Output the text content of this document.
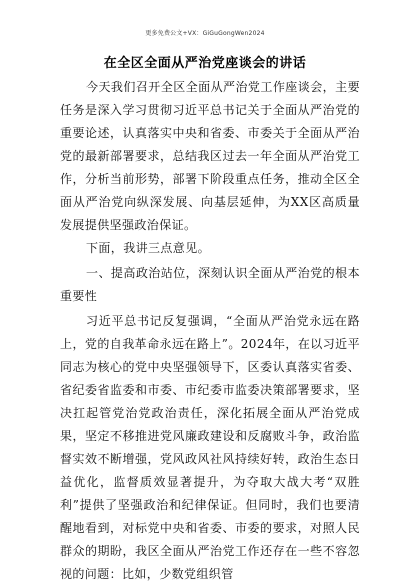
更多免费公文+VX：GiGuGongWen2024
在全区全面从严治党座谈会的讲话

今天我们召开全区全面从严治党工作座谈会，主要任务是深入学习贯彻习近平总书记关于全面从严治党的重要论述，认真落实中央和省委、市委关于全面从严治党的最新部署要求，总结我区过去一年全面从严治党工作，分析当前形势，部署下阶段重点任务，推动全区全面从严治党向纵深发展、向基层延伸，为XX区高质量发展提供坚强政治保证。

下面，我讲三点意见。

一、提高政治站位，深刻认识全面从严治党的根本重要性

习近平总书记反复强调，“全面从严治党永远在路上，党的自我革命永远在路上”。2024年，在以习近平同志为核心的党中央坚强领导下，区委认真落实省委、省纪委省监委和市委、市纪委市监委决策部署要求，坚决扛起管党治党政治责任，深化拓展全面从严治党成果，坚定不移推进党风廉政建设和反腐败斗争，政治监督实效不断增强，党风政风社风持续好转，政治生态日益优化，监督质效显著提升，为夺取大战大考“双胜利”提供了坚强政治和纪律保证。但同时，我们也要清醒地看到，对标党中央和省委、市委的要求，对照人民群众的期盼，我区全面从严治党工作还存在一些不容忽视的问题：比如，少数党组织管
